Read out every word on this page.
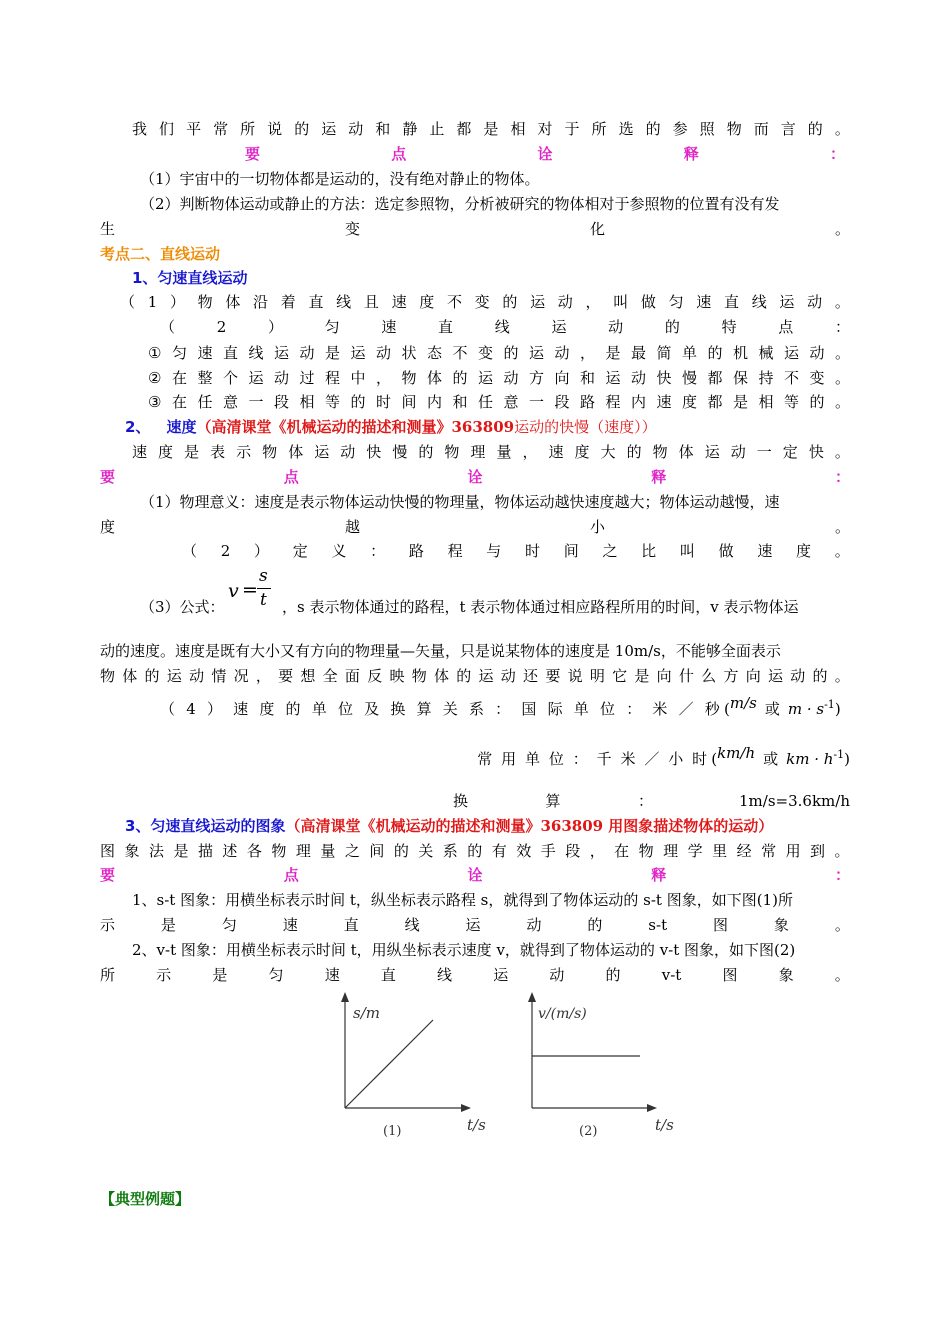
我 们 平 常 所 说 的 运 动 和 静 止 都 是 相 对 于 所 选 的 参 照 物 而 言 的 。
要	点	诠	释	：
（1）宇宙中的一切物体都是运动的，没有绝对静止的物体。
（2）判断物体运动或静止的方法：选定参照物，分析被研究的物体相对于参照物的位置有没有发
生	变	化	。
考点二、直线运动
1、匀速直线运动
（ 1 ） 物 体 沿 着 直 线 且 速 度 不 变 的 运 动 ， 叫 做 匀 速 直 线 运 动 。
（	2	）	匀	速	直	线	运	动	的	特	点	：
① 匀 速 直 线 运 动 是 运 动 状 态 不 变 的 运 动 ， 是 最 简 单 的 机 械 运 动 。
② 在 整 个 运 动 过 程 中 ， 物 体 的 运 动 方 向 和 运 动 快 慢 都 保 持 不 变 。
③ 在 任 意 一 段 相 等 的 时 间 内 和 任 意 一 段 路 程 内 速 度 都 是 相 等 的 。
2、 速度（高清课堂《机械运动的描述和测量》363809运动的快慢（速度））
速 度 是 表 示 物 体 运 动 快 慢 的 物 理 量 ， 速 度 大 的 物 体 运 动 一 定 快 。
要	点	诠	释	：
（1）物理意义：速度是表示物体运动快慢的物理量，物体运动越快速度越大；物体运动越慢，速
度	越	小	。
（ 2 ） 定 义 ： 路 程 与 时 间 之 比 叫 做 速 度 。
（3）公式：
v =
s
t ，s 表示物体通过的路程，t 表示物体通过相应路程所用的时间，v 表示物体运
动的速度。速度是既有大小又有方向的物理量—矢量，只是说某物体的速度是 10m/s，不能够全面表示
物 体 的 运 动 情 况 ， 要 想 全 面 反 映 物 体 的 运 动 还 要 说 明 它 是 向 什 么 方 向 运 动 的 。
（ 4 ） 速 度 的 单 位 及 换 算 关 系 ： 国 际 单 位 ： 米 ／ 秒 ( m/s 或 $m \cdot s^{-1}$ )
常 用 单 位 ： 千 米 ／ 小 时 ( km/h 或 km · $h^{-1}$ )
换	算	：	1m/s=3.6km/h
3、匀速直线运动的图象（高清课堂《机械运动的描述和测量》363809 用图象描述物体的运动）
图 象 法 是 描 述 各 物 理 量 之 间 的 关 系 的 有 效 手 段 ， 在 物 理 学 里 经 常 用 到 。
要	点	诠	释	：
1、s-t 图象：用横坐标表示时间 t，纵坐标表示路程 s，就得到了物体运动的 s-t 图象，如下图(1)所
示	是	匀	速	直	线	运	动	的	s-t	图	象	。
2、v-t 图象：用横坐标表示时间 t，用纵坐标表示速度 v，就得到了物体运动的 v-t 图象，如下图(2)
所	示	是	匀	速	直	线	运	动	的	v-t	图	象	。
s/m
t/s
(1)
v/(m/s)
t/s
(2)
【典型例题】
